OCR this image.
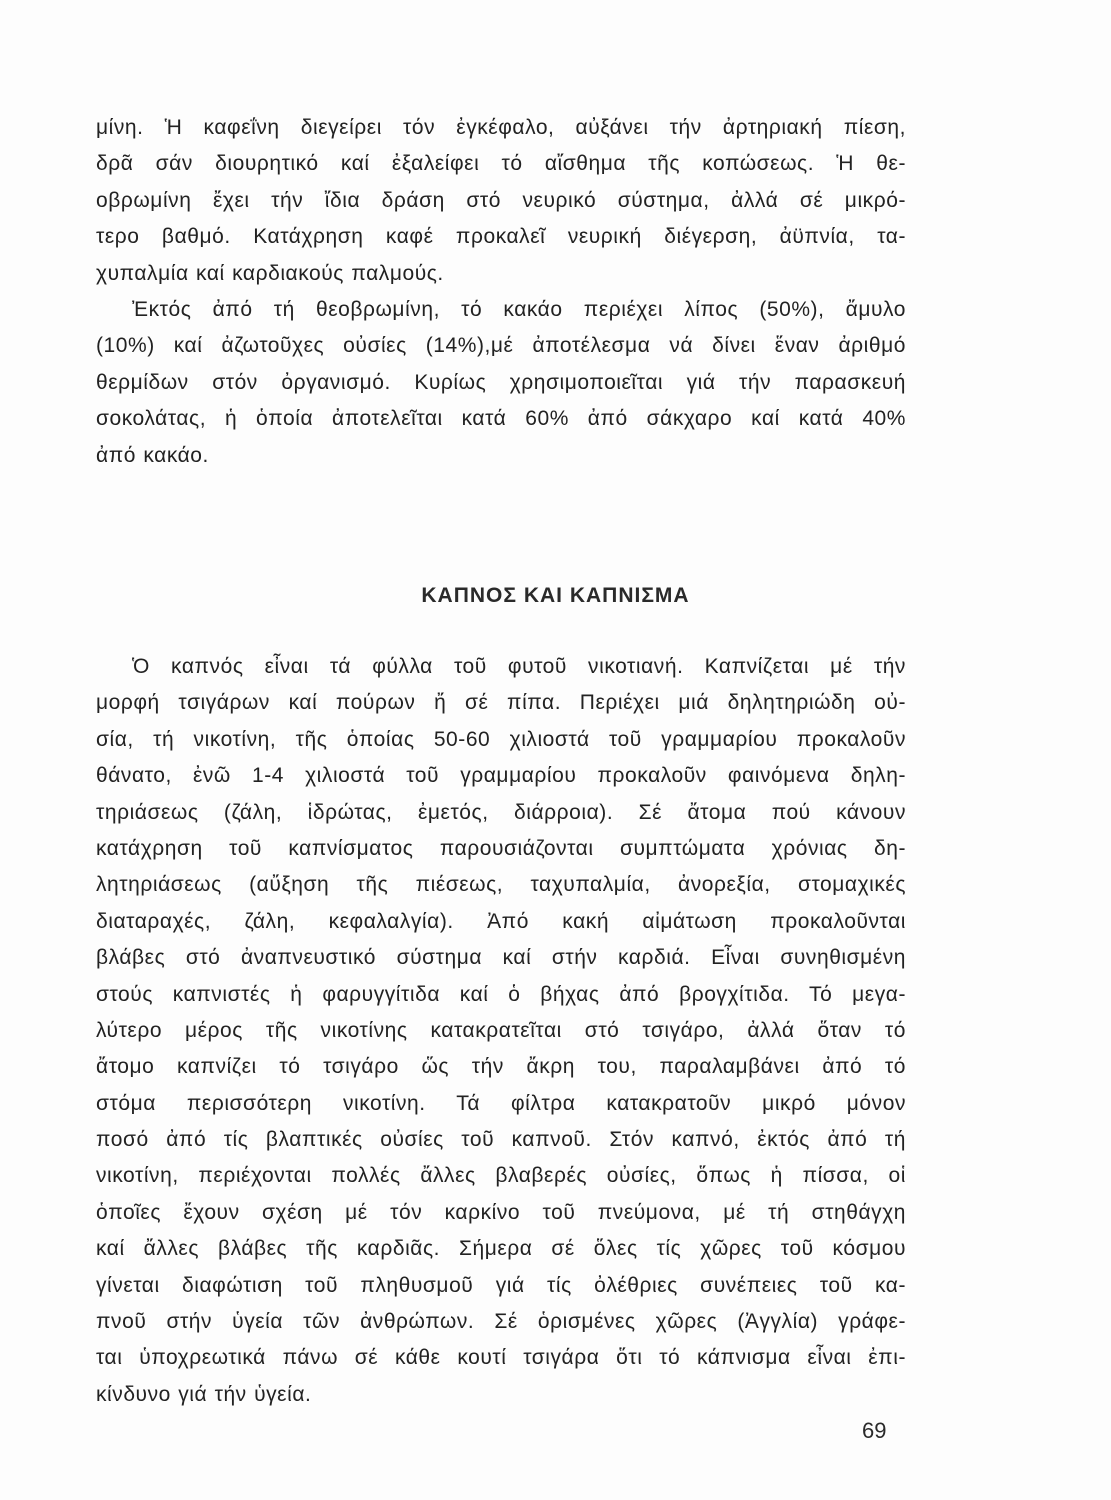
μίνη. Ἡ καφεΐνη διεγείρει τόν ἐγκέφαλο, αὐξάνει τήν ἀρτηριακή πίεση,
δρᾶ σάν διουρητικό καί ἐξαλείφει τό αἴσθημα τῆς κοπώσεως. Ἡ θε-
οβρωμίνη ἔχει τήν ἴδια δράση στό νευρικό σύστημα, ἀλλά σέ μικρό-
τερο βαθμό. Κατάχρηση καφέ προκαλεῖ νευρική διέγερση, ἀϋπνία, τα-
χυπαλμία καί καρδιακούς παλμούς.
Ἐκτός ἀπό τή θεοβρωμίνη, τό κακάο περιέχει λίπος (50%), ἄμυλο
(10%) καί ἀζωτοῦχες οὐσίες (14%),μέ ἀποτέλεσμα νά δίνει ἕναν ἀριθμό
θερμίδων στόν ὀργανισμό. Κυρίως χρησιμοποιεῖται γιά τήν παρασκευή
σοκολάτας, ἡ ὁποία ἀποτελεῖται κατά 60% ἀπό σάκχαρο καί κατά 40%
ἀπό κακάο.
ΚΑΠΝΟΣ ΚΑΙ ΚΑΠΝΙΣΜΑ
Ὁ καπνός εἶναι τά φύλλα τοῦ φυτοῦ νικοτιανή. Καπνίζεται μέ τήν
μορφή τσιγάρων καί πούρων ἤ σέ πίπα. Περιέχει μιά δηλητηριώδη οὐ-
σία, τή νικοτίνη, τῆς ὁποίας 50-60 χιλιοστά τοῦ γραμμαρίου προκαλοῦν
θάνατο, ἐνῶ 1-4 χιλιοστά τοῦ γραμμαρίου προκαλοῦν φαινόμενα δηλη-
τηριάσεως (ζάλη, ἱδρώτας, ἐμετός, διάρροια). Σέ ἄτομα πού κάνουν
κατάχρηση τοῦ καπνίσματος παρουσιάζονται συμπτώματα χρόνιας δη-
λητηριάσεως (αὔξηση τῆς πιέσεως, ταχυπαλμία, ἀνορεξία, στομαχικές
διαταραχές, ζάλη, κεφαλαλγία). Ἀπό κακή αἰμάτωση προκαλοῦνται
βλάβες στό ἀναπνευστικό σύστημα καί στήν καρδιά. Εἶναι συνηθισμένη
στούς καπνιστές ἡ φαρυγγίτιδα καί ὁ βήχας ἀπό βρογχίτιδα. Τό μεγα-
λύτερο μέρος τῆς νικοτίνης κατακρατεῖται στό τσιγάρο, ἀλλά ὅταν τό
ἄτομο καπνίζει τό τσιγάρο ὥς τήν ἄκρη του, παραλαμβάνει ἀπό τό
στόμα περισσότερη νικοτίνη. Τά φίλτρα κατακρατοῦν μικρό μόνον
ποσό ἀπό τίς βλαπτικές οὐσίες τοῦ καπνοῦ. Στόν καπνό, ἐκτός ἀπό τή
νικοτίνη, περιέχονται πολλές ἄλλες βλαβερές οὐσίες, ὅπως ἡ πίσσα, οἱ
ὁποῖες ἔχουν σχέση μέ τόν καρκίνο τοῦ πνεύμονα, μέ τή στηθάγχη
καί ἄλλες βλάβες τῆς καρδιᾶς. Σήμερα σέ ὅλες τίς χῶρες τοῦ κόσμου
γίνεται διαφώτιση τοῦ πληθυσμοῦ γιά τίς ὀλέθριες συνέπειες τοῦ κα-
πνοῦ στήν ὑγεία τῶν ἀνθρώπων. Σέ ὁρισμένες χῶρες (Ἀγγλία) γράφε-
ται ὑποχρεωτικά πάνω σέ κάθε κουτί τσιγάρα ὅτι τό κάπνισμα εἶναι ἐπι-
κίνδυνο γιά τήν ὑγεία.
69
